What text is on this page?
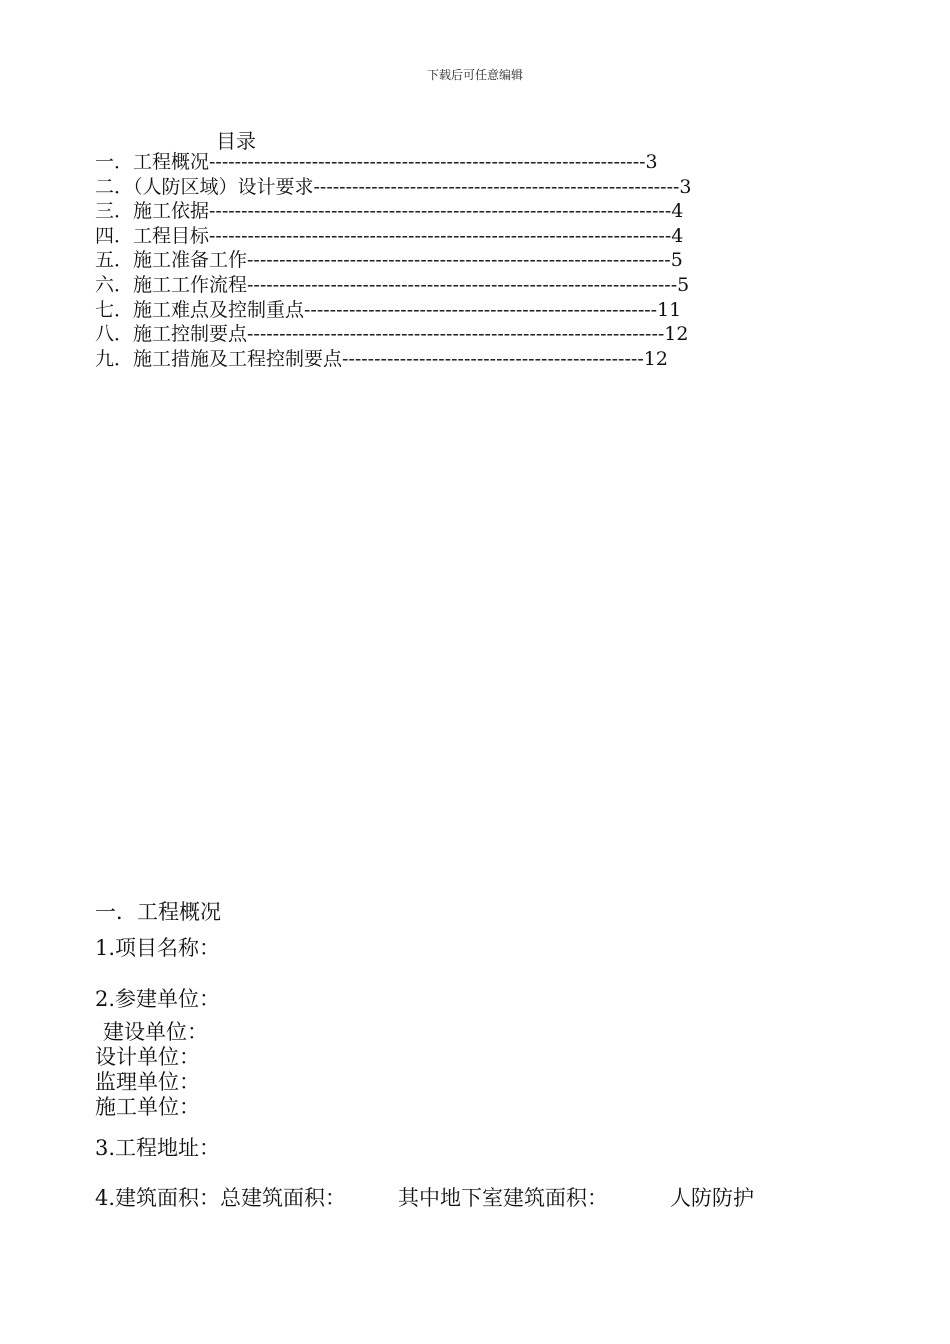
下载后可任意编辑
目录
一．工程概况--------------------------------------------------------------------3
二．（人防区域）设计要求---------------------------------------------------------3
三．施工依据------------------------------------------------------------------------4
四．工程目标------------------------------------------------------------------------4
五．施工准备工作------------------------------------------------------------------5
六．施工工作流程-------------------------------------------------------------------5
七．施工难点及控制重点-------------------------------------------------------11
八．施工控制要点-----------------------------------------------------------------12
九．施工措施及工程控制要点-----------------------------------------------12
一．工程概况
1.项目名称：
2.参建单位：
建设单位：
设计单位：
监理单位：
施工单位：
3.工程地址：
4.建筑面积：总建筑面积： 其中地下室建筑面积：	人防防护
